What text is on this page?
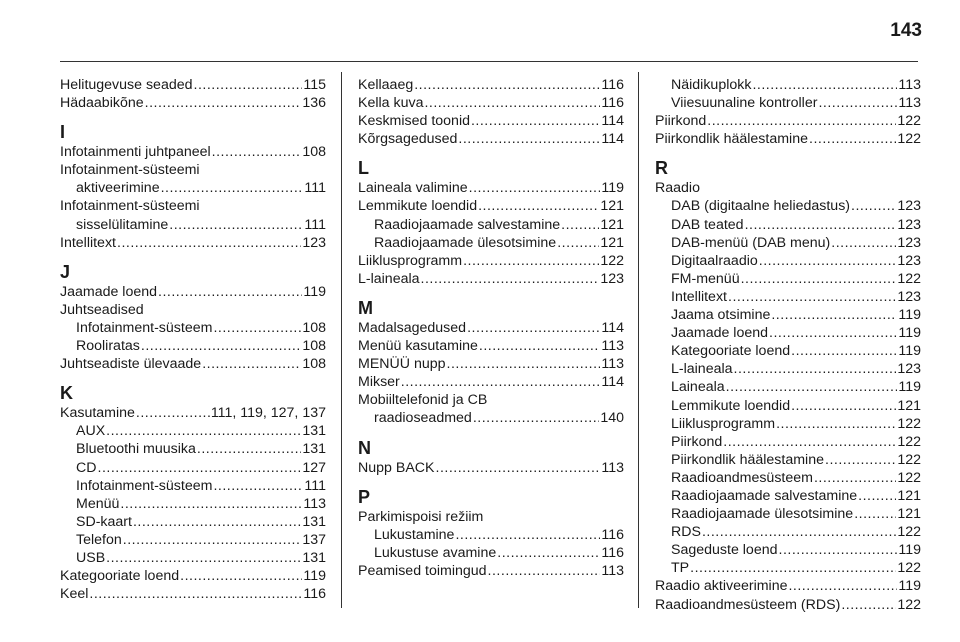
143
Helitugevuse seaded .....	115
Hädaabikõne .....	136
I
Infotainmenti juhtpaneel .....	108
Infotainment-süsteemi
aktiveerimine .....	111
Infotainment-süsteemi
sisselülitamine .....	111
Intellitext .....	123
J
Jaamade loend .....	119
Juhtseadised
Infotainment-süsteem .....	108
Rooliratas .....	108
Juhtseadiste ülevaade .....	108
K
Kasutamine .....	111, 119, 127, 137
AUX .....	131
Bluetoothi muusika .....	131
CD .....	127
Infotainment-süsteem .....	111
Menüü .....	113
SD-kaart .....	131
Telefon .....	137
USB .....	131
Kategooriate loend .....	119
Keel .....	116
Kellaaeg .....	116
Kella kuva .....	116
Keskmised toonid .....	114
Kõrgsagedused .....	114
L
Laineala valimine .....	119
Lemmikute loendid .....	121
Raadiojaamade salvestamine .....	121
Raadiojaamade ülesotsimine .....	121
Liiklusprogramm .....	122
L-laineala .....	123
M
Madalsagedused .....	114
Menüü kasutamine .....	113
MENÜÜ nupp .....	113
Mikser .....	114
Mobiiltelefonid ja CB
raadioseadmed .....	140
N
Nupp BACK .....	113
P
Parkimispoisi režiim
Lukustamine .....	116
Lukustuse avamine .....	116
Peamised toimingud .....	113
Näidikuplokk .....	113
Viiesuunaline kontroller .....	113
Piirkond .....	122
Piirkondlik häälestamine .....	122
R
Raadio
DAB (digitaalne heliedastus) .....	123
DAB teated .....	123
DAB-menüü (DAB menu) .....	123
Digitaalraadio .....	123
FM-menüü .....	122
Intellitext .....	123
Jaama otsimine .....	119
Jaamade loend .....	119
Kategooriate loend .....	119
L-laineala .....	123
Laineala .....	119
Lemmikute loendid .....	121
Liiklusprogramm .....	122
Piirkond .....	122
Piirkondlik häälestamine .....	122
Raadioandmesüsteem .....	122
Raadiojaamade salvestamine .....	121
Raadiojaamade ülesotsimine .....	121
RDS .....	122
Sageduste loend .....	119
TP .....	122
Raadio aktiveerimine .....	119
Raadioandmesüsteem (RDS) .....	122
